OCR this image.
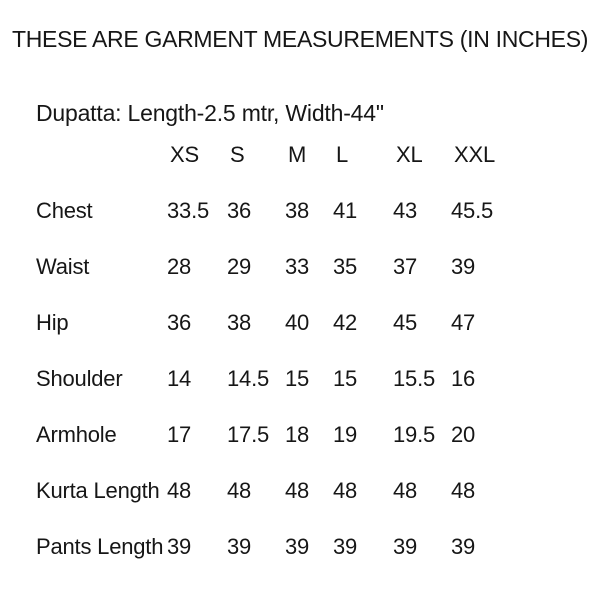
THESE ARE GARMENT MEASUREMENTS (IN INCHES)
Dupatta: Length-2.5 mtr, Width-44"
	XS	S	M	L	XL	XXL
Chest	33.5	36	38	41	43	45.5
Waist	28	29	33	35	37	39
Hip	36	38	40	42	45	47
Shoulder	14	14.5	15	15	15.5	16
Armhole	17	17.5	18	19	19.5	20
Kurta Length	48	48	48	48	48	48
Pants Length	39	39	39	39	39	39
